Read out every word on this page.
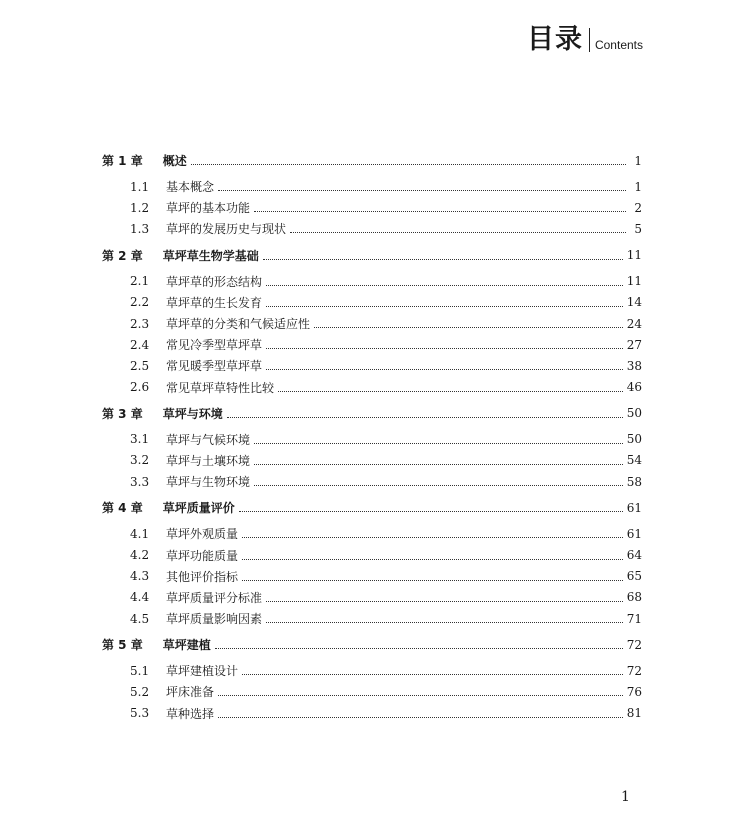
目录 Contents
第 1 章 概述	1
1.1	基本概念	1
1.2	草坪的基本功能	2
1.3	草坪的发展历史与现状	5
第 2 章 草坪草生物学基础	11
2.1	草坪草的形态结构	11
2.2	草坪草的生长发育	14
2.3	草坪草的分类和气候适应性	24
2.4	常见冷季型草坪草	27
2.5	常见暖季型草坪草	38
2.6	常见草坪草特性比较	46
第 3 章 草坪与环境	50
3.1	草坪与气候环境	50
3.2	草坪与土壤环境	54
3.3	草坪与生物环境	58
第 4 章 草坪质量评价	61
4.1	草坪外观质量	61
4.2	草坪功能质量	64
4.3	其他评价指标	65
4.4	草坪质量评分标准	68
4.5	草坪质量影响因素	71
第 5 章 草坪建植	72
5.1	草坪建植设计	72
5.2	坪床准备	76
5.3	草种选择	81
1
